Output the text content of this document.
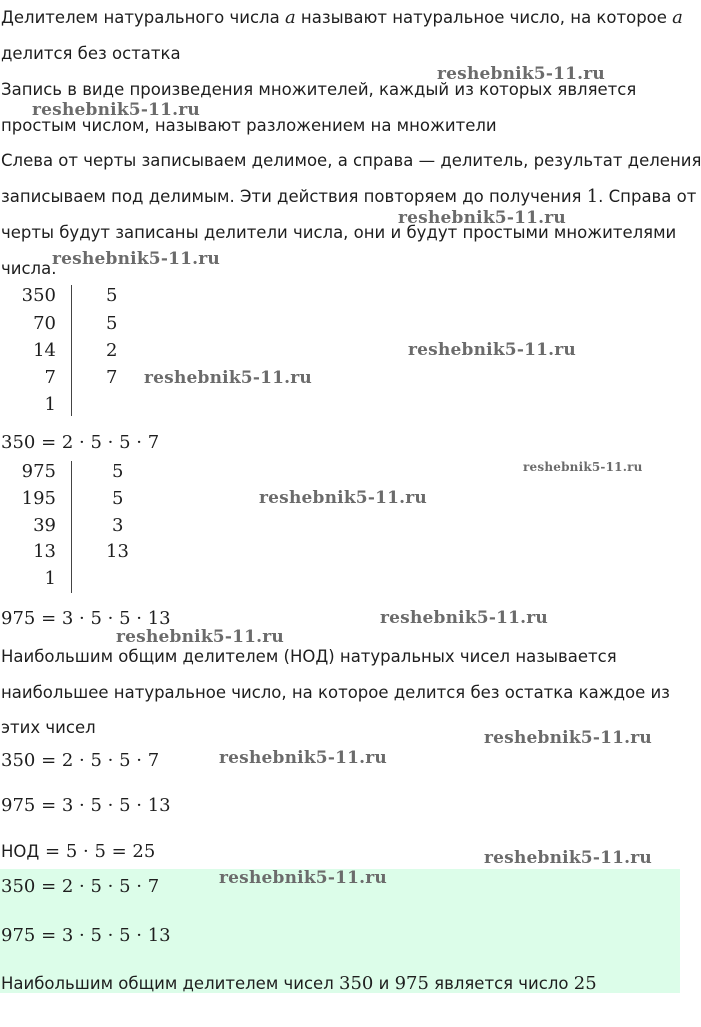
Делителем натурального числа a называют натуральное число, на которое a
делится без остатка
Запись в виде произведения множителей, каждый из которых является
простым числом, называют разложением на множители
Слева от черты записываем делимое, а справа — делитель, результат деления
записываем под делимым. Эти действия повторяем до получения 1. Справа от
черты будут записаны делители числа, они и будут простыми множителями
числа.
350	5
70	5
14	2
7	7
1
350 = 2 · 5 · 5 · 7
975	5
195	5
39	3
13	13
1
975 = 3 · 5 · 5 · 13
Наибольшим общим делителем (НОД) натуральных чисел называется
наибольшее натуральное число, на которое делится без остатка каждое из
этих чисел
350 = 2 · 5 · 5 · 7
975 = 3 · 5 · 5 · 13
НОД = 5 · 5 = 25
350 = 2 · 5 · 5 · 7
975 = 3 · 5 · 5 · 13
Наибольшим общим делителем чисел 350 и 975 является число 25
reshebnik5-11.ru
reshebnik5-11.ru
reshebnik5-11.ru
reshebnik5-11.ru
reshebnik5-11.ru
reshebnik5-11.ru
reshebnik5-11.ru
reshebnik5-11.ru
reshebnik5-11.ru
reshebnik5-11.ru
reshebnik5-11.ru
reshebnik5-11.ru
reshebnik5-11.ru
reshebnik5-11.ru
